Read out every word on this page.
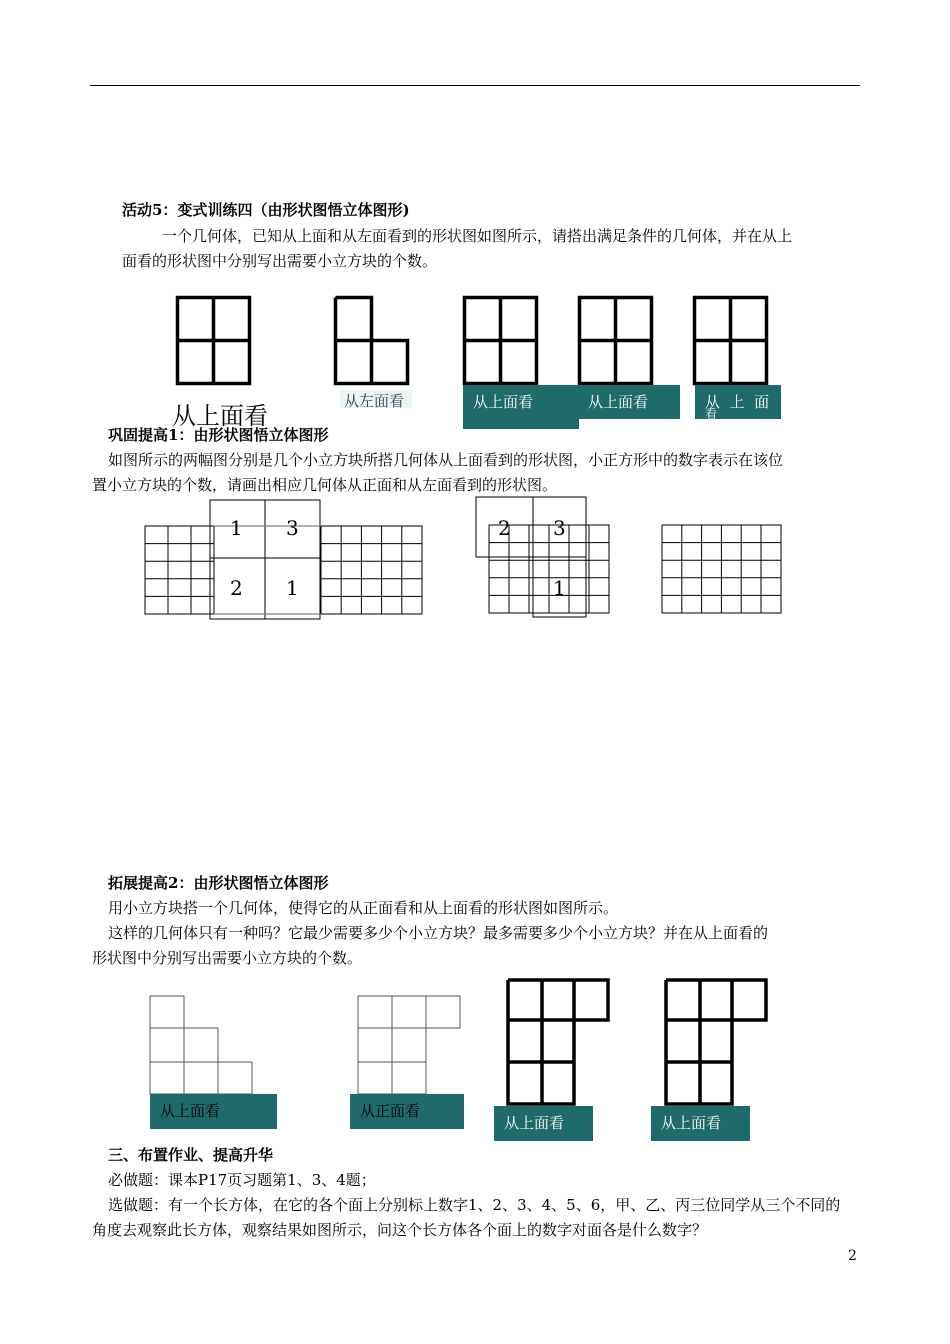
活动5：变式训练四（由形状图悟立体图形)
一个几何体，已知从上面和从左面看到的形状图如图所示，请搭出满足条件的几何体，并在从上
面看的形状图中分别写出需要小立方块的个数。
从上面看
从左面看	从上面看	从上面看	从  上  面
看
巩固提高1：由形状图悟立体图形
如图所示的两幅图分别是几个小立方块所搭几何体从上面看到的形状图，小正方形中的数字表示在该位
置小立方块的个数，请画出相应几何体从正面和从左面看到的形状图。
1 3
2 1
2 3
1
拓展提高2：由形状图悟立体图形
用小立方块搭一个几何体，使得它的从正面看和从上面看的形状图如图所示。
这样的几何体只有一种吗？它最少需要多少个小立方块？最多需要多少个小立方块？并在从上面看的
形状图中分别写出需要小立方块的个数。
从上面看	从正面看
从上面看	从上面看
三、布置作业、提高升华
必做题：课本P17页习题第1、3、4题；
选做题：有一个长方体，在它的各个面上分别标上数字1、2、3、4、5、6，甲、乙、丙三位同学从三个不同的
角度去观察此长方体，观察结果如图所示，问这个长方体各个面上的数字对面各是什么数字？
2
